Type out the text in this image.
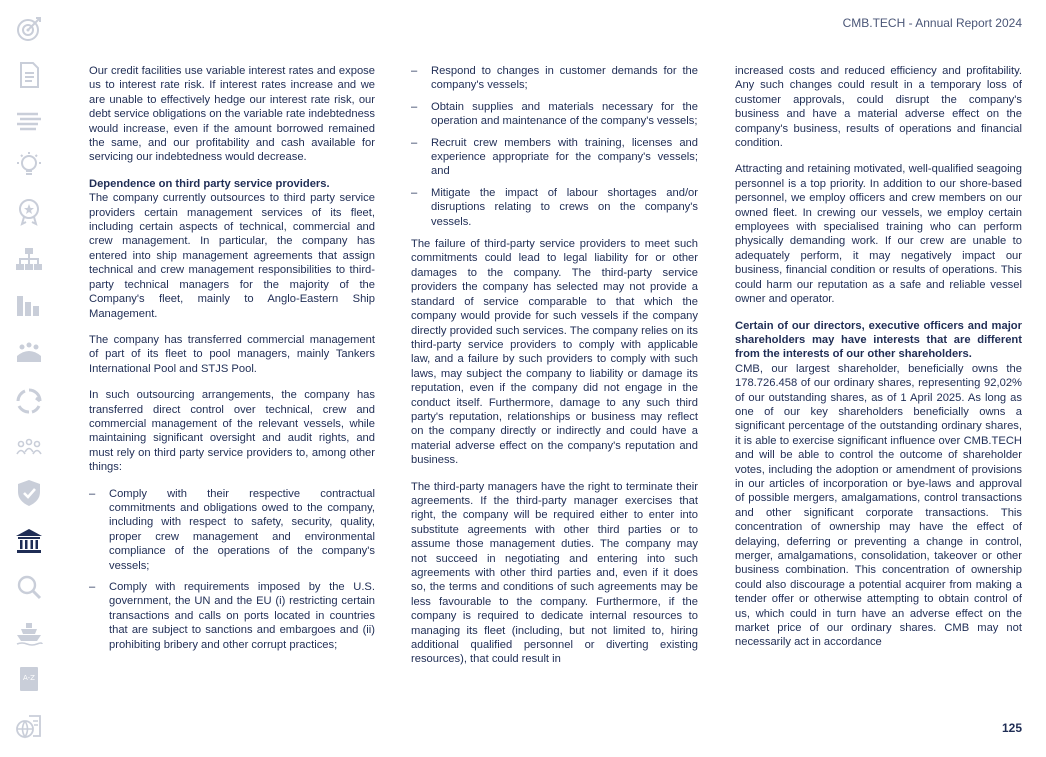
CMB.TECH - Annual Report 2024
A-Z

Our credit facilities use variable interest rates and expose us to interest rate risk. If interest rates increase and we are unable to effectively hedge our interest rate risk, our debt service obligations on the variable rate indebtedness would increase, even if the amount borrowed remained the same, and our profitability and cash available for servicing our indebtedness would decrease.

Dependence on third party service providers.

The company currently outsources to third party service providers certain management services of its fleet, including certain aspects of technical, commercial and crew management. In particular, the company has entered into ship management agreements that assign technical and crew management responsibilities to third-party technical managers for the majority of the Company's fleet, mainly to Anglo-Eastern Ship Management.

The company has transferred commercial management of part of its fleet to pool managers, mainly Tankers International Pool and STJS Pool.

In such outsourcing arrangements, the company has transferred direct control over technical, crew and commercial management of the relevant vessels, while maintaining significant oversight and audit rights, and must rely on third party service providers to, among other things:

– Comply with their respective contractual commitments and obligations owed to the company, including with respect to safety, security, quality, proper crew management and environmental compliance of the operations of the company's vessels;
– Comply with requirements imposed by the U.S. government, the UN and the EU (i) restricting certain transactions and calls on ports located in countries that are subject to sanctions and embargoes and (ii) prohibiting bribery and other corrupt practices;
– Respond to changes in customer demands for the company's vessels;
– Obtain supplies and materials necessary for the operation and maintenance of the company's vessels;
– Recruit crew members with training, licenses and experience appropriate for the company's vessels; and
– Mitigate the impact of labour shortages and/or disruptions relating to crews on the company's vessels.

The failure of third-party service providers to meet such commitments could lead to legal liability for or other damages to the company. The third-party service providers the company has selected may not provide a standard of service comparable to that which the company would provide for such vessels if the company directly provided such services. The company relies on its third-party service providers to comply with applicable law, and a failure by such providers to comply with such laws, may subject the company to liability or damage its reputation, even if the company did not engage in the conduct itself. Furthermore, damage to any such third party's reputation, relationships or business may reflect on the company directly or indirectly and could have a material adverse effect on the company's reputation and business.

The third-party managers have the right to terminate their agreements. If the third-party manager exercises that right, the company will be required either to enter into substitute agreements with other third parties or to assume those management duties. The company may not succeed in negotiating and entering into such agreements with other third parties and, even if it does so, the terms and conditions of such agreements may be less favourable to the company. Furthermore, if the company is required to dedicate internal resources to managing its fleet (including, but not limited to, hiring additional qualified personnel or diverting existing resources), that could result in

increased costs and reduced efficiency and profitability. Any such changes could result in a temporary loss of customer approvals, could disrupt the company's business and have a material adverse effect on the company's business, results of operations and financial condition.

Attracting and retaining motivated, well-qualified seagoing personnel is a top priority. In addition to our shore-based personnel, we employ officers and crew members on our owned fleet. In crewing our vessels, we employ certain employees with specialised training who can perform physically demanding work. If our crew are unable to adequately perform, it may negatively impact our business, financial condition or results of operations. This could harm our reputation as a safe and reliable vessel owner and operator.

Certain of our directors, executive officers and major shareholders may have interests that are different from the interests of our other shareholders.

CMB, our largest shareholder, beneficially owns the 178.726.458 of our ordinary shares, representing 92,02% of our outstanding shares, as of 1 April 2025. As long as one of our key shareholders beneficially owns a significant percentage of the outstanding ordinary shares, it is able to exercise significant influence over CMB.TECH and will be able to control the outcome of shareholder votes, including the adoption or amendment of provisions in our articles of incorporation or bye-laws and approval of possible mergers, amalgamations, control transactions and other significant corporate transactions. This concentration of ownership may have the effect of delaying, deferring or preventing a change in control, merger, amalgamations, consolidation, takeover or other business combination. This concentration of ownership could also discourage a potential acquirer from making a tender offer or otherwise attempting to obtain control of us, which could in turn have an adverse effect on the market price of our ordinary shares. CMB may not necessarily act in accordance

125
